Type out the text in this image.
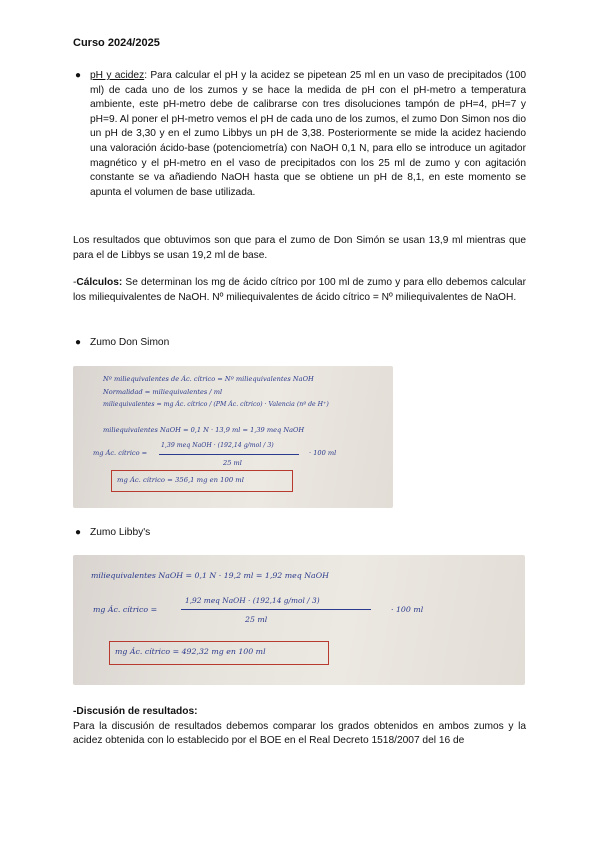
Curso 2024/2025
● pH y acidez: Para calcular el pH y la acidez se pipetean 25 ml en un vaso de precipitados (100 ml) de cada uno de los zumos y se hace la medida de pH con el pH-metro a temperatura ambiente, este pH-metro debe de calibrarse con tres disoluciones tampón de pH=4, pH=7 y pH=9. Al poner el pH-metro vemos el pH de cada uno de los zumos, el zumo Don Simon nos dio un pH de 3,30 y en el zumo Libbys un pH de 3,38. Posteriormente se mide la acidez haciendo una valoración ácido-base (potenciometría) con NaOH 0,1 N, para ello se introduce un agitador magnético y el pH-metro en el vaso de precipitados con los 25 ml de zumo y con agitación constante se va añadiendo NaOH hasta que se obtiene un pH de 8,1, en este momento se apunta el volumen de base utilizada.
Los resultados que obtuvimos son que para el zumo de Don Simón se usan 13,9 ml mientras que para el de Libbys se usan 19,2 ml de base.
-Cálculos: Se determinan los mg de ácido cítrico por 100 ml de zumo y para ello debemos calcular los miliequivalentes de NaOH. Nº miliequivalentes de ácido cítrico = Nº miliequivalentes de NaOH.
● Zumo Don Simon
Nº miliequivalentes de Ác. cítrico = Nº miliequivalentes NaOH
Normalidad = miliequivalentes / ml
miliequivalentes = mg Ác. cítrico / (PM Ác. cítrico) · Valencia (nº de H⁺)
miliequivalentes NaOH = 0,1 N · 13,9 ml = 1,39 meq NaOH
mg Ác. cítrico =
1,39 meq NaOH · (192,14 g/mol / 3)
25 ml
· 100 ml
mg Ác. cítrico = 356,1 mg en 100 ml
● Zumo Libby's
miliequivalentes NaOH = 0,1 N · 19,2 ml = 1,92 meq NaOH
mg Ác. cítrico =
1,92 meq NaOH · (192,14 g/mol / 3)
25 ml
· 100 ml
mg Ác. cítrico = 492,32 mg en 100 ml
-Discusión de resultados:
Para la discusión de resultados debemos comparar los grados obtenidos en ambos zumos y la acidez obtenida con lo establecido por el BOE en el Real Decreto 1518/2007 del 16 de
